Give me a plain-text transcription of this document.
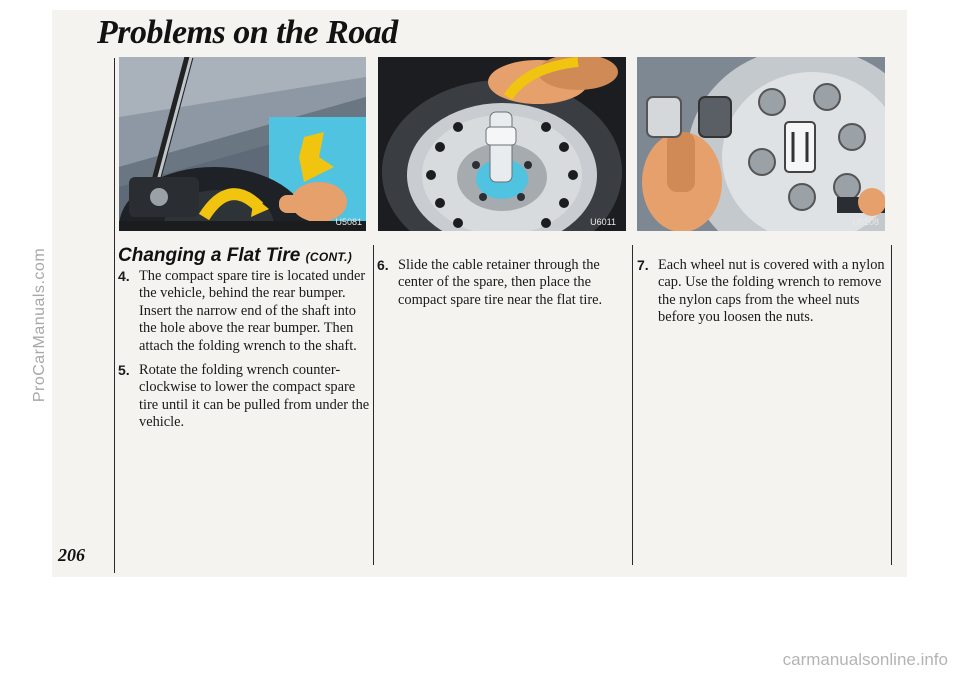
ProCarManuals.com
Problems on the Road
U5081	U6011	U5108
Changing a Flat Tire (CONT.)
4. The compact spare tire is located under the vehicle, behind the rear bumper. Insert the narrow end of the shaft into the hole above the rear bumper. Then attach the folding wrench to the shaft.
5. Rotate the folding wrench counter-clockwise to lower the compact spare tire until it can be pulled from under the vehicle.
6. Slide the cable retainer through the center of the spare, then place the compact spare tire near the flat tire.
7. Each wheel nut is covered with a nylon cap. Use the folding wrench to remove the nylon caps from the wheel nuts before you loosen the nuts.
206
carmanualsonline.info
